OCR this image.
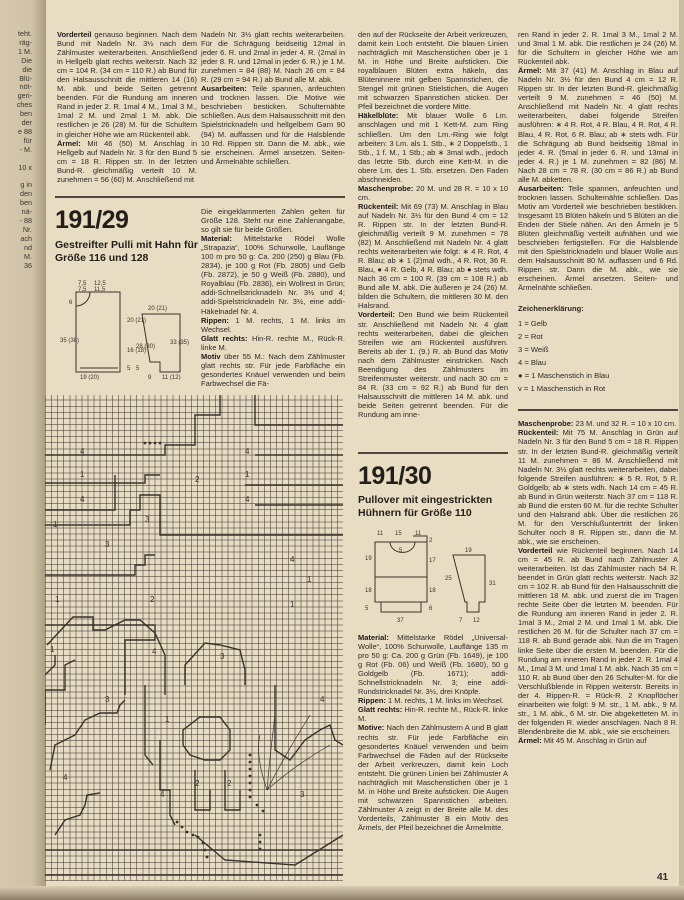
teht.
räg-
1 M.
Die
die
Blü-
nöt-
geri-
ches
ben
der
e 88
für
- M.

10 x

g in
den
ben
nä-
- 88
Nr.
ach
nd
M.
36

Vorderteil genauso beginnen. Nach dem Bund mit Nadeln Nr. 3½ nach dem Zählmuster weiterarbeiten. Anschließend in Hellgelb glatt rechts weiterstr. Nach 32 cm = 104 R. (34 cm = 110 R.) ab Bund für den Halsausschnitt die mittleren 14 (16) M. abk. und beide Seiten getrennt beenden. Für die Rundung am inneren Rand in jeder 2. R. 1mal 4 M., 1mal 3 M., 1mal 2 M. und 2mal 1 M. abk. Die restlichen je 26 (28) M. für die Schultern in gleicher Höhe wie am Rückenteil abk.

Ärmel: Mit 46 (50) M. Anschlag in Hellgelb auf Nadeln Nr. 3 für den Bund 5 cm = 18 R. Rippen str. In der letzten Bund-R. gleichmäßig verteilt 10 M. zunehmen = 56 (60) M. Anschließend mit

Nadeln Nr. 3½ glatt rechts weiterarbeiten. Für die Schrägung beidseitig 12mal in jeder 6. R. und 2mal in jeder 4. R. (2mal in jeder 8. R. und 12mal in jeder 6. R.) je 1 M. zunehmen = 84 (88) M. Nach 26 cm = 84 R. (29 cm = 94 R.) ab Bund alle M. abk.

Ausarbeiten: Teile spannen, anfeuchten und trocknen lassen. Die Motive wie beschrieben besticken. Schulternähte schließen. Aus dem Halsausschnitt mit den Spielstricknadeln und hellgelbem Garn 90 (94) M. auffassen und für die Halsblende 10 Rd. Rippen str. Dann die M. abk., wie sie erscheinen. Ärmel ansetzen. Seiten- und Ärmelnähte schließen.

191/29
Gestreifter Pulli mit Hahn für Größe 116 und 128
7,5 12,5
7,5 11,5
6
20 (21)
35 (38)
16 (18)
5
19 (20)
20 (21)
28 (30)
33 (35)
5
9 11 (12)

Die eingeklammerten Zahlen gelten für Größe 128. Steht nur eine Zahlenangabe, so gilt sie für beide Größen.

Material: Mittelstarke Rödel Wolle „Strapazia“, 100% Schurwolle, Lauflänge 100 m pro 50 g: Ca. 200 (250) g Blau (Fb. 2834), je 100 g Rot (Fb. 2805) und Gelb (Fb. 2872), je 50 g Weiß (Fb. 2880), und Royalblau (Fb. 2836), ein Wollrest in Grün; addi-Schnellstricknadeln Nr. 3½ und 4; addi-Spielstricknadeln Nr. 3½, eine addi-Häkelnadel Nr. 4.

Rippen: 1 M. rechts, 1 M. links im Wechsel.

Glatt rechts: Hin-R. rechte M., Rück-R. linke M.

Motiv über 55 M.: Nach dem Zählmuster glatt rechts str. Für jede Farbfläche ein gesondertes Knäuel verwenden und beim Farbwechsel die Fä-

4
1
4
1
4
1
2
3
4
1
4
1
1
3
1	4
2	2
4
3
4
3
2
1
3
4

den auf der Rückseite der Arbeit verkreuzen, damit kein Loch entsteht. Die blauen Linien nachträglich mit Maschenstichen über je 1 M. in Höhe und Breite aufsticken. Die royalblauen Blüten extra häkeln, das Blüteninnere mit gelben Spannstichen, die Stengel mit grünen Stielstichen, die Augen mit schwarzen Spannstichen sticken. Der Pfeil bezeichnet die vordere Mitte.

Häkelblüte: Mit blauer Wolle 6 Lm. anschlagen und mit 1 Kett-M. zum Ring schließen. Um den Lm.-Ring wie folgt arbeiten: 3 Lm. als 1. Stb., ∗ 2 Doppelstb., 1 Stb., 1 f. M., 1 Stb.; ab ∗ 3mal wdh., jedoch das letzte Stb. durch eine Kett-M. in die obere Lm. des 1. Stb. ersetzen. Den Faden abschneiden.

Maschenprobe: 20 M. und 28 R. = 10 x 10 cm.

Rückenteil: Mit 69 (73) M. Anschlag in Blau auf Nadeln Nr. 3½ für den Bund 4 cm = 12 R. Rippen str. In der letzten Bund-R. gleichmäßig verteilt 9 M. zunehmen = 78 (82) M. Anschließend mit Nadeln Nr. 4 glatt rechts weiterarbeiten wie folgt: ∗ 4 R. Rot, 4 R. Blau; ab ∗ 1 (2)mal wdh., 4 R. Rot, 36 R. Blau, ● 4 R. Gelb, 4 R. Blau; ab ● stets wdh. Nach 36 cm = 100 R. (39 cm = 108 R.) ab Bund alle M. abk. Die äußeren je 24 (26) M. bilden die Schultern, die mittleren 30 M. den Halsrand.

Vorderteil: Den Bund wie beim Rückenteil str. Anschließend mit Nadeln Nr. 4 glatt rechts weiterarbeiten, dabei die gleichen Streifen wie am Rückenteil ausführen. Bereits ab der 1. (9.) R. ab Bund das Motiv nach dem Zählmuster einstricken. Nach Beendigung des Zählmusters im Streifenmuster weiterstr. und nach 30 cm = 84 R. (33 cm = 92 R.) ab Bund für den Halsausschnitt die mittleren 14 M. abk. und beide Seiten getrennt beenden. Für die Rundung am inne-

ren Rand in jeder 2. R. 1mal 3 M., 1mal 2 M. und 3mal 1 M. abk. Die restlichen je 24 (26) M. für die Schultern in gleicher Höhe wie am Rückenteil abk.

Ärmel: Mit 37 (41) M. Anschlag in Blau auf Nadeln Nr. 3½ für den Bund 4 cm = 12 R. Rippen str. In der letzten Bund-R. gleichmäßig verteilt 9 M. zunehmen = 46 (50) M. Anschließend mit Nadeln Nr. 4 glatt rechts weiterarbeiten, dabei folgende Streifen ausführen: ∗ 4 R. Rot, 4 R. Blau, 4 R. Rot, 4 R. Blau, 4 R. Rot, 6 R. Blau; ab ∗ stets wdh. Für die Schrägung ab Bund beidseitig 18mal in jeder 4. R. (5mal in jeder 6. R. und 13mal in jeder 4. R.) je 1 M. zunehmen = 82 (86) M. Nach 28 cm = 78 R. (30 cm = 86 R.) ab Bund alle M. abketten.

Ausarbeiten: Teile spannen, anfeuchten und trocknen lassen. Schulternähte schließen. Das Motiv am Vorderteil wie beschrieben bestikken. Insgesamt 15 Blüten häkeln und 5 Blüten an die Enden der Stiele nähen. An den Ärmeln je 5 Blüten gleichmäßig verteilt aufnähen und wie beschrieben fertigstellen. Für die Halsblende mit den Spielstricknadeln und blauer Wolle aus dem Halsausschnitt 80 M. auffassen und 6 Rd. Rippen str. Dann die M. abk., wie sie erscheinen. Ärmel ansetzen. Seiten- und Ärmelnähte schließen.

Zeichenerklärung:
1 = Gelb
2 = Rot
3 = Weiß
4 = Blau
● = 1 Maschenstich in Blau
v = 1 Maschenstich in Rot

Maschenprobe: 23 M. und 32 R. = 10 x 10 cm.

Rückenteil: Mit 75 M. Anschlag in Grün auf Nadeln Nr. 3 für den Bund 5 cm = 18 R. Rippen str. In der letzten Bund-R. gleichmäßig verteilt 11 M. zunehmen = 86 M. Anschließend mit Nadeln Nr. 3½ glatt rechts weiterarbeiten, dabei folgende Streifen ausführen: ∗ 5 R. Rot, 5 R. Goldgelb; ab ∗ stets wdh. Nach 14 cm = 45 R. ab Bund in Grün weiterstr. Nach 37 cm = 118 R. ab Bund die ersten 60 M. für die rechte Schulter und den Halsrand abk. Über die restlichen 26 M. für den Verschlußuntertritt der linken Schulter noch 8 R. Rippen str., dann die M. abk., wie sie erscheinen.

Vorderteil wie Rückenteil beginnen. Nach 14 cm = 45 R. ab Bund nach Zählmuster A weiterarbeiten. Ist das Zählmuster nach 54 R. beendet in Grün glatt rechts weiterstr. Nach 32 cm = 102 R. ab Bund für den Halsausschnitt die mittleren 18 M. abk. und zuerst die im Tragen rechte Seite über die letzten M. beenden. Für die Rundung am inneren Rand in jeder 2. R. 1mal 3 M., 2mal 2 M. und 1mal 1 M. abk. Die restlichen 26 M. für die Schulter nach 37 cm = 118 R. ab Bund gerade abk. Nun die im Tragen linke Seite über die ersten M. beenden. Für die Rundung am inneren Rand in jeder 2. R. 1mal 4 M., 1mal 3 M. und 1mal 1 M. abk. Nach 35 cm = 110 R. ab Bund über den 26 Schulter-M. für die Verschlußblende in Rippen weiterstr. Bereits in der 4. Rippen-R. = Rück-R. 2 Knopflöcher einarbeiten wie folgt: 9 M. str., 1 M. abk., 9 M. str., 1 M. abk., 6 M. str. Die abgeketteten M. in der folgenden R. wieder anschlagen. Nach 8 R. Blendenbreite die M. abk., wie sie erscheinen.

Ärmel: Mit 45 M. Anschlag in Grün auf

191/30
Pullover mit eingestrickten Hühnern für Größe 110
11 15 11
5
2
19	17
18	18
5	6
37
19
25
31
7 12

Material: Mittelstarke Rödel „Universal-Wolle“, 100% Schurwolle, Lauflänge 135 m pro 50 g: Ca. 200 g Grün (Fb. 1649), je 100 g Rot (Fb. 06) und Weiß (Fb. 1680), 50 g Goldgelb (Fb. 1671); addi-Schnellstricknadeln Nr. 3; eine addi-Rundstricknadel Nr. 3½, drei Knöpfe.

Rippen: 1 M. rechts, 1 M. links im Wechsel.

Glatt rechts: Hin-R. rechte M., Rück-R. linke M.

Motive: Nach den Zählmustern A und B glatt rechts str. Für jede Farbfläche ein gesondertes Knäuel verwenden und beim Farbwechsel die Fäden auf der Rückseite der Arbeit verkreuzen, damit kein Loch entsteht. Die grünen Linien bei Zählmuster A nachträglich mit Maschenstichen über je 1 M. in Höhe und Breite aufsticken. Die Augen mit schwarzen Spannstichen arbeiten. Zählmuster A zeigt in der Breite alle M. des Vorderteils, Zählmuster B ein Motiv des Ärmels, der Pfeil bezeichnet die Ärmelmitte.

41
